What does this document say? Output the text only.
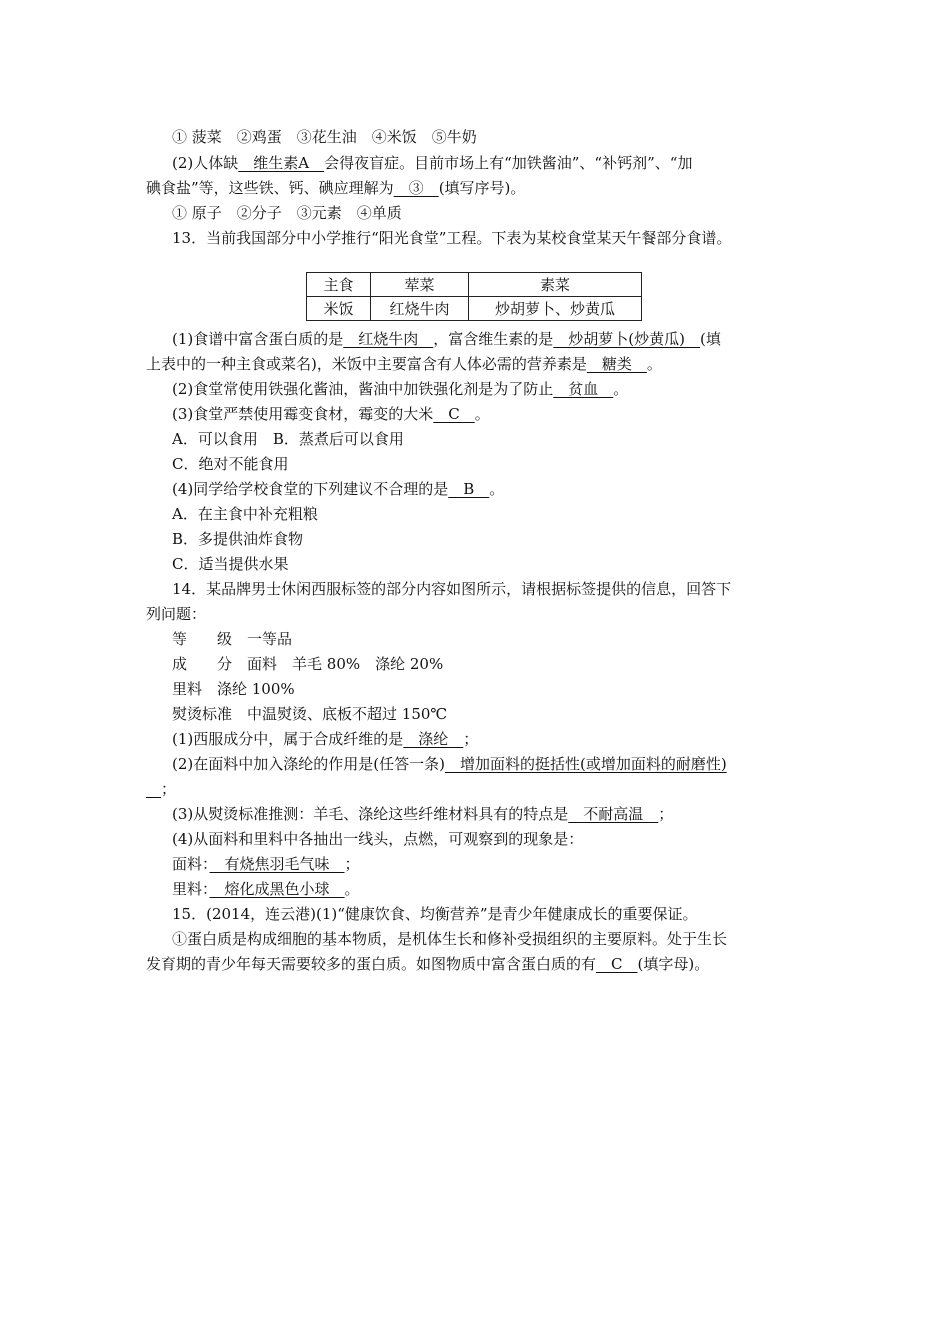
① 菠菜　②鸡蛋　③花生油　④米饭　⑤牛奶
(2)人体缺　维生素A　会得夜盲症。目前市场上有“加铁酱油”、“补钙剂”、“加
碘食盐”等，这些铁、钙、碘应理解为　③　(填写序号)。
① 原子　②分子　③元素　④单质
13．当前我国部分中小学推行“阳光食堂”工程。下表为某校食堂某天午餐部分食谱。
主食	荤菜	素菜
米饭	红烧牛肉	炒胡萝卜、炒黄瓜
(1)食谱中富含蛋白质的是　红烧牛肉　，富含维生素的是　炒胡萝卜(炒黄瓜)　(填
上表中的一种主食或菜名)，米饭中主要富含有人体必需的营养素是　糖类　。
(2)食堂常使用铁强化酱油，酱油中加铁强化剂是为了防止　贫血　。
(3)食堂严禁使用霉变食材，霉变的大米　C　。
A．可以食用　B．蒸煮后可以食用
C．绝对不能食用
(4)同学给学校食堂的下列建议不合理的是　B　。
A．在主食中补充粗粮
B．多提供油炸食物
C．适当提供水果
14．某品牌男士休闲西服标签的部分内容如图所示，请根据标签提供的信息，回答下
列问题：
等　　级　一等品
成　　分　面料　羊毛 80%　涤纶 20%
里料　涤纶 100%
熨烫标准　中温熨烫、底板不超过 150℃
(1)西服成分中，属于合成纤维的是　涤纶　；
(2)在面料中加入涤纶的作用是(任答一条)　增加面料的挺括性(或增加面料的耐磨性)
　；
(3)从熨烫标准推测：羊毛、涤纶这些纤维材料具有的特点是　不耐高温　；
(4)从面料和里料中各抽出一线头，点燃，可观察到的现象是：
面料：　有烧焦羽毛气味　；
里料：　熔化成黑色小球　。
15．(2014，连云港)(1)“健康饮食、均衡营养”是青少年健康成长的重要保证。
①蛋白质是构成细胞的基本物质，是机体生长和修补受损组织的主要原料。处于生长
发育期的青少年每天需要较多的蛋白质。如图物质中富含蛋白质的有　C　(填字母)。
